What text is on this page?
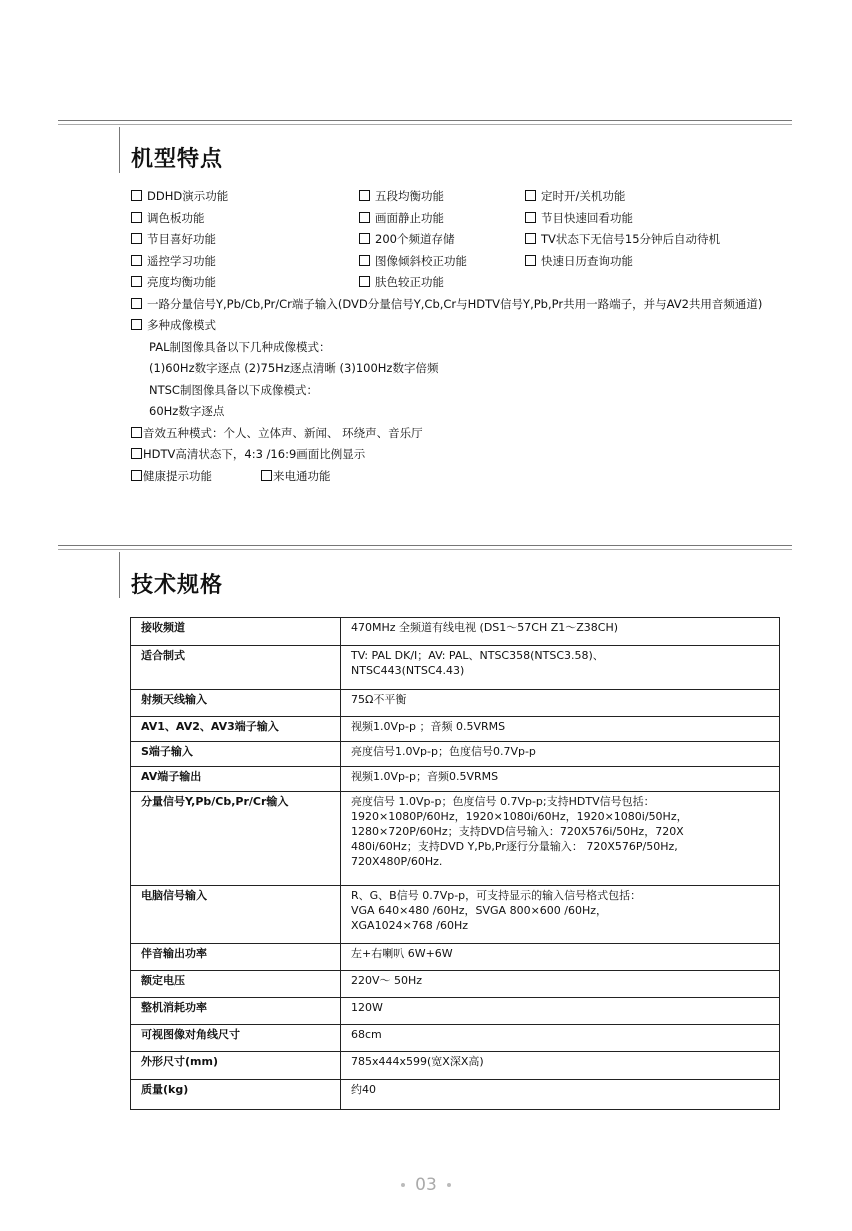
机型特点
DDHD演示功能	五段均衡功能	定时开/关机功能
调色板功能	画面静止功能	节目快速回看功能
节目喜好功能	200个频道存储	TV状态下无信号15分钟后自动待机
遥控学习功能	图像倾斜校正功能	快速日历查询功能
亮度均衡功能	肤色较正功能
一路分量信号Y,Pb/Cb,Pr/Cr端子输入(DVD分量信号Y,Cb,Cr与HDTV信号Y,Pb,Pr共用一路端子，并与AV2共用音频通道)
多种成像模式
PAL制图像具备以下几种成像模式：
(1)60Hz数字逐点 (2)75Hz逐点清晰 (3)100Hz数字倍频
NTSC制图像具备以下成像模式：
60Hz数字逐点
音效五种模式：个人、立体声、新闻、 环绕声、音乐厅
HDTV高清状态下，4:3 /16:9画面比例显示
健康提示功能	来电通功能
技术规格
接收频道	470MHz 全频道有线电视 (DS1～57CH Z1～Z38CH)

适合制式	TV: PAL DK/I；AV: PAL、NTSC358(NTSC3.58)、
NTSC443(NTSC4.43)

射频天线输入	75Ω不平衡

AV1、AV2、AV3端子输入	视频1.0Vp-p ；音频 0.5VRMS

S端子输入	亮度信号1.0Vp-p；色度信号0.7Vp-p

AV端子输出	视频1.0Vp-p；音频0.5VRMS

分量信号Y,Pb/Cb,Pr/Cr输入	亮度信号 1.0Vp-p；色度信号 0.7Vp-p;支持HDTV信号包括：
1920×1080P/60Hz，1920×1080i/60Hz，1920×1080i/50Hz，
1280×720P/60Hz；支持DVD信号输入：720X576i/50Hz，720X
480i/60Hz；支持DVD Y,Pb,Pr逐行分量输入： 720X576P/50Hz,
720X480P/60Hz.

电脑信号输入	R、G、B信号 0.7Vp-p，可支持显示的输入信号格式包括：
VGA 640×480 /60Hz，SVGA 800×600 /60Hz，
XGA1024×768 /60Hz

伴音输出功率	左+右喇叭 6W+6W

额定电压	220V～ 50Hz

整机消耗功率	120W

可视图像对角线尺寸	68cm

外形尺寸(mm)	785x444x599(宽X深X高)

质量(kg)	约40
03
